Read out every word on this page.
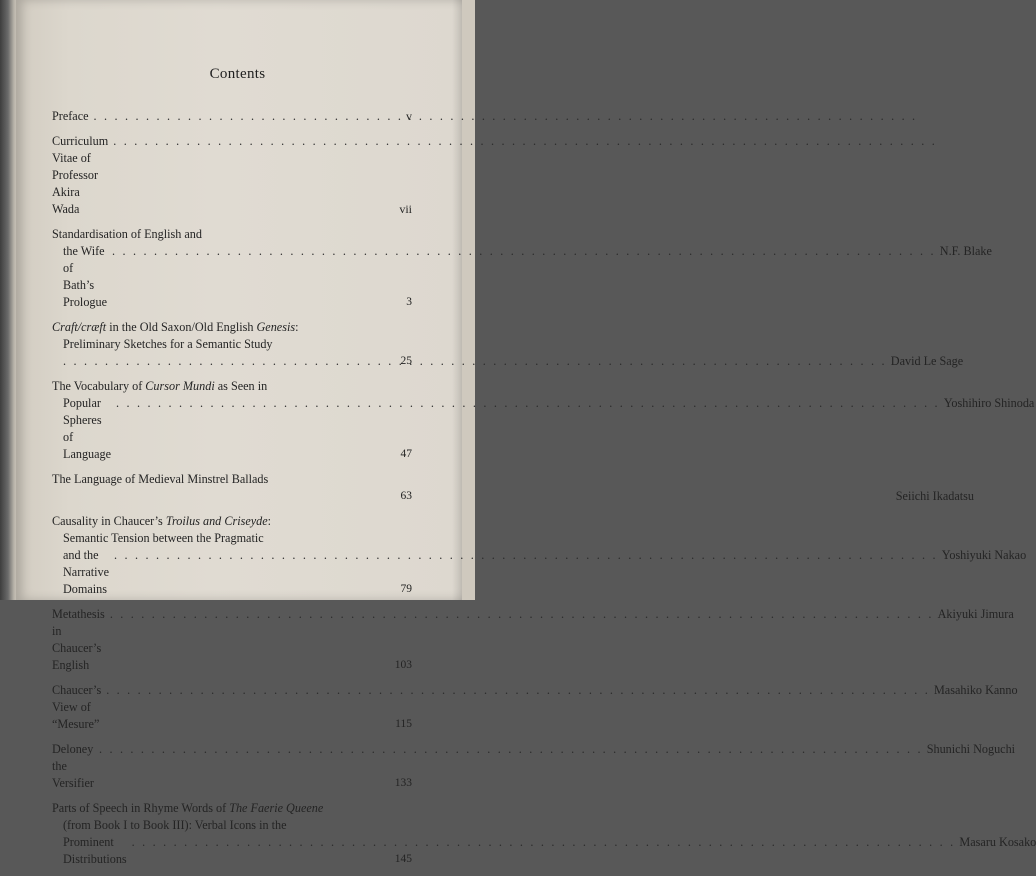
Contents
Preface
. . .	v
Curriculum Vitae of Professor Akira Wada
. . .	vii
Standardisation of English and
the Wife of Bath’s Prologue
. . .
N.F. Blake
3
Craft/cræft in the Old Saxon/Old English Genesis:
Preliminary Sketches for a Semantic Study
. . .
David Le Sage
25
The Vocabulary of Cursor Mundi as Seen in
Popular Spheres of Language
. . .
Yoshihiro Shinoda
47
The Language of Medieval Minstrel Ballads
Seiichi Ikadatsu
63
Causality in Chaucer’s Troilus and Criseyde:
Semantic Tension between the Pragmatic
and the Narrative Domains
. . .
Yoshiyuki Nakao
79
Metathesis in Chaucer’s English
. . .
Akiyuki Jimura
103
Chaucer’s View of “Mesure”
. . .
Masahiko Kanno
115
Deloney the Versifier
. . .
Shunichi Noguchi
133
Parts of Speech in Rhyme Words of The Faerie Queene
(from Book I to Book III): Verbal Icons in the
Prominent Distributions
. . .
Masaru Kosako
145
